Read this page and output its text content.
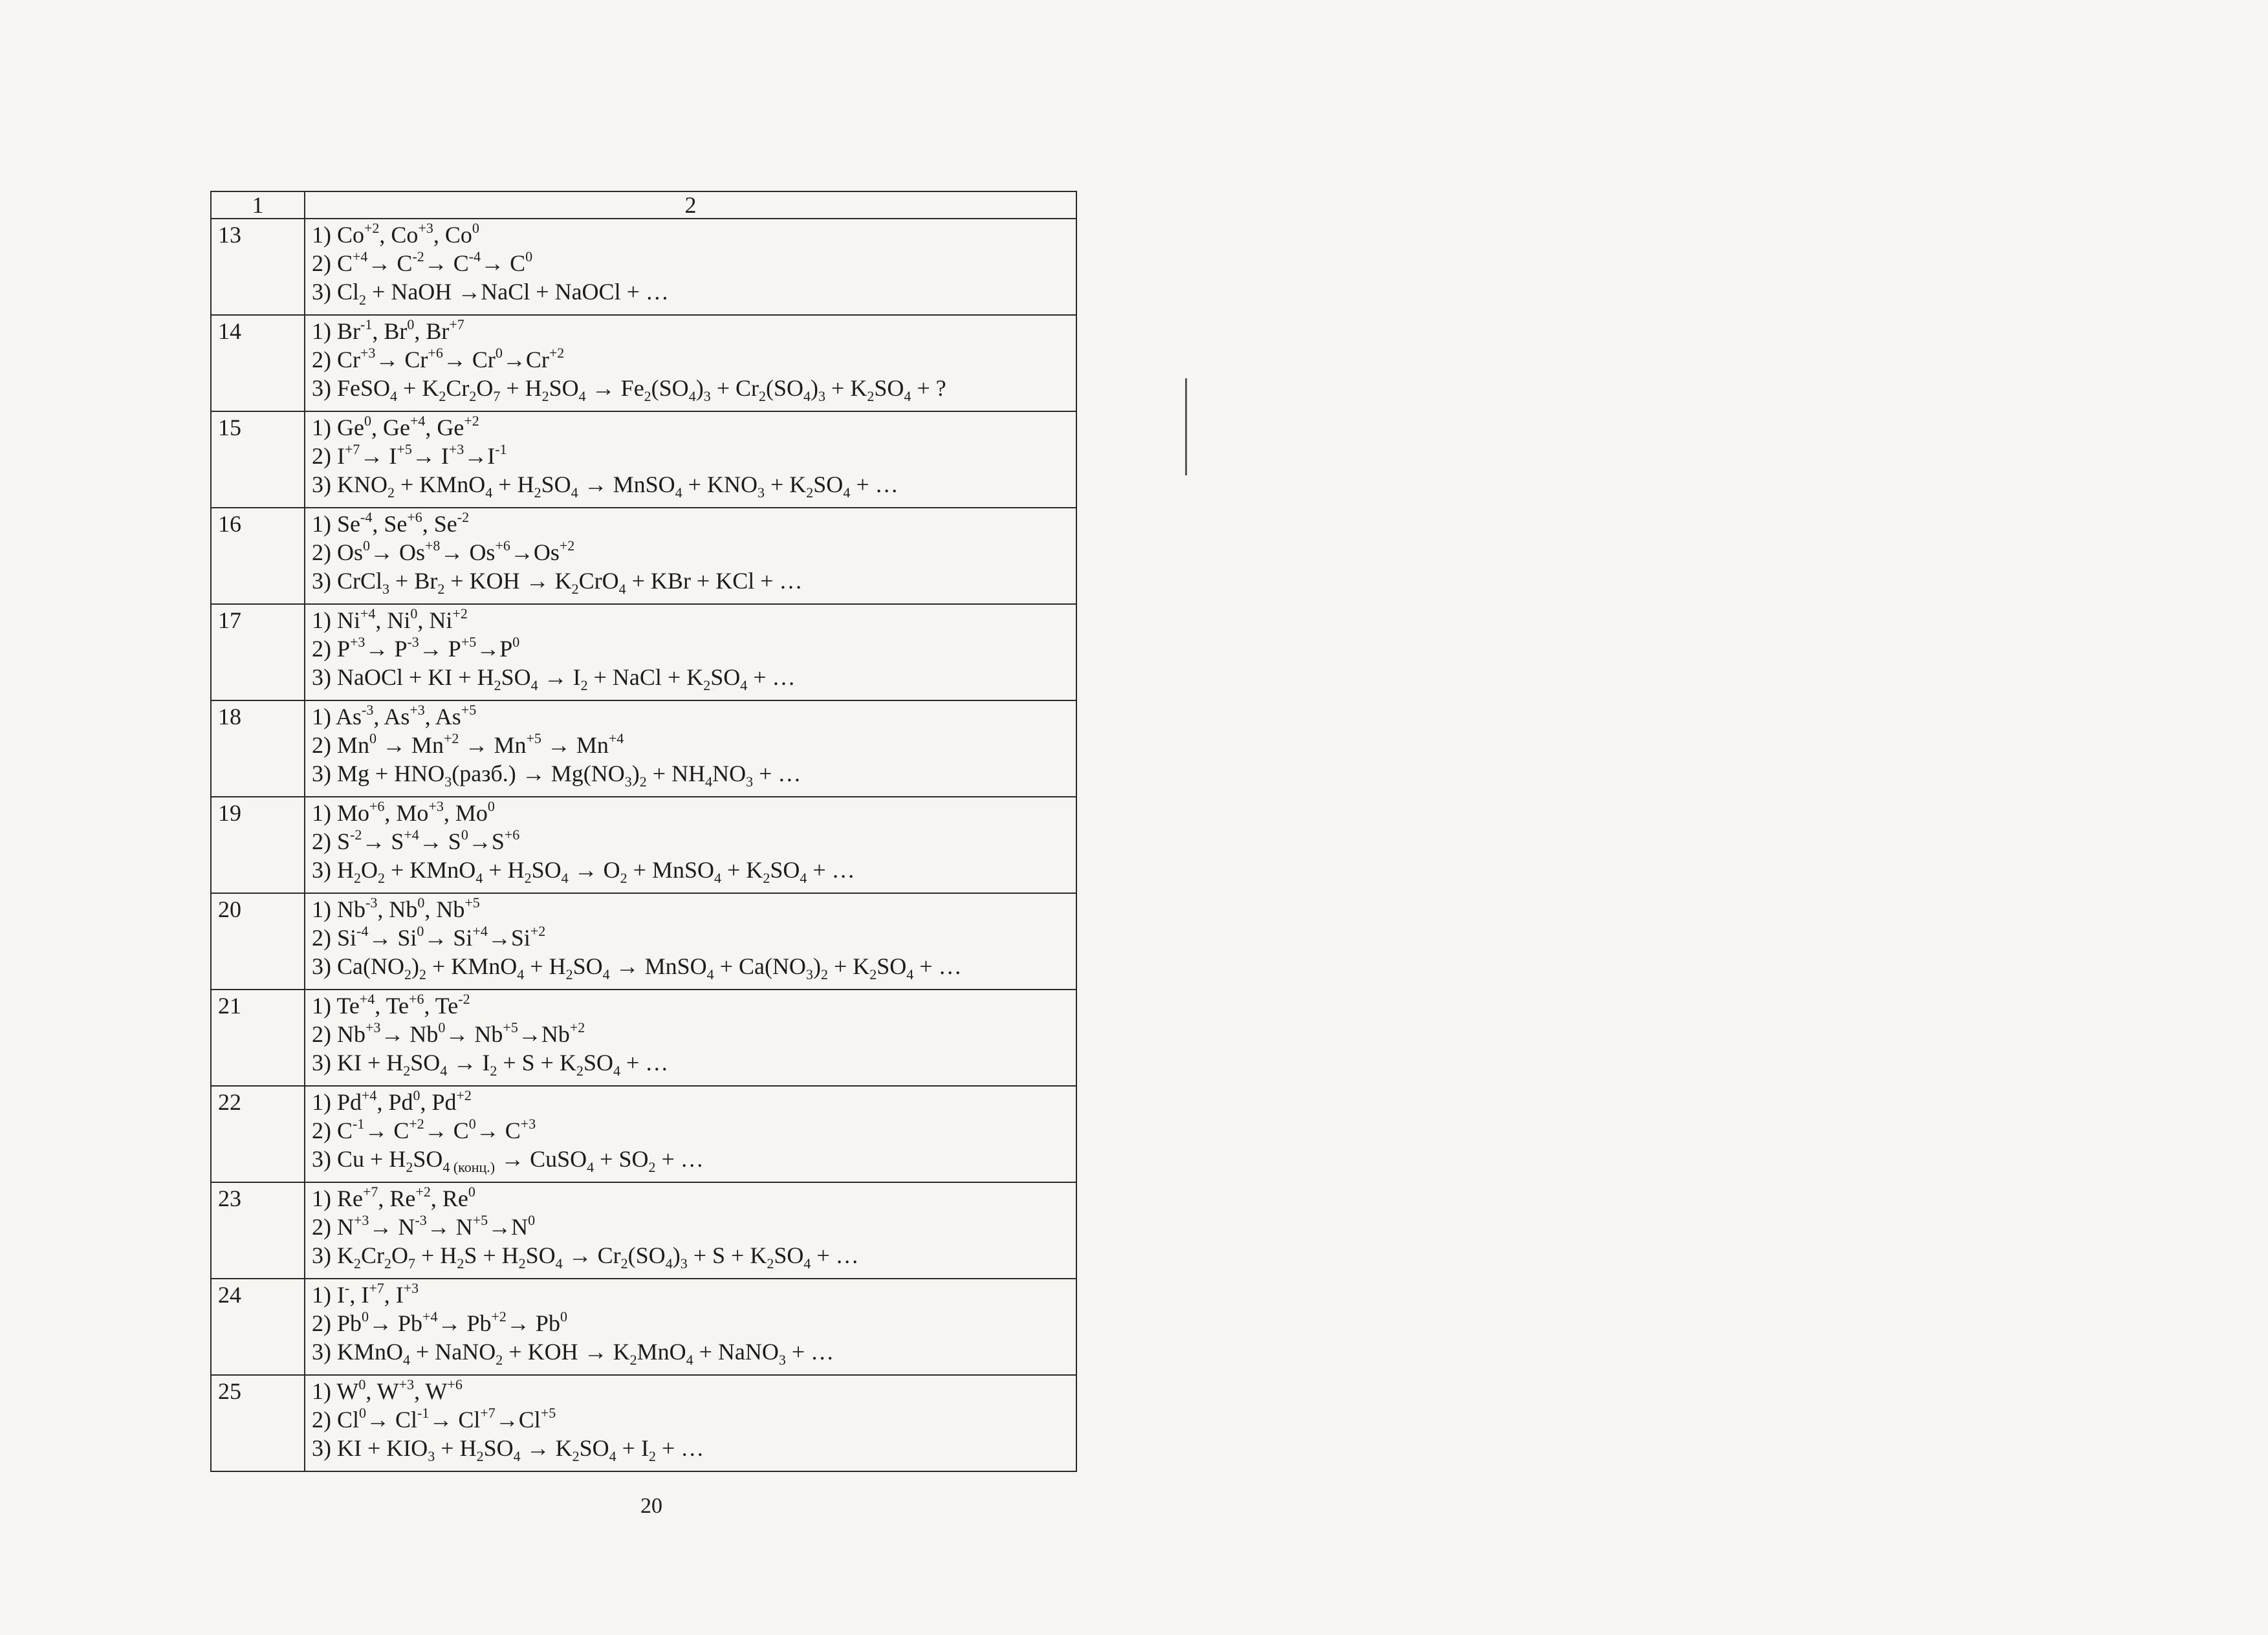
1	2
13	1) $Co^{+2}$, $Co^{+3}$, Co$^0$
2) $C^{+4}\to C^{-2}\to C^{-4}\to C^0$
3) $Cl_2$ + NaOH →NaCl + NaOCl + …

14	1) $Br^{-1}$, Br$^0$, $Br^{+7}$
2) $Cr^{+3}\to Cr^{+6}\to Cr^0\to Cr^{+2}$
3) FeSO$_4$ + $K_2Cr_2O_7 + H_2SO_4 \to Fe_2(SO_4)_3 + Cr_2(SO_4)_3 + K_2SO_4$ + ?

15	1) Ge$^0$, $Ge^{+4}$, $Ge^{+2}$
2) $I^{+7}\to I^{+5}\to I^{+3}\to I^{-1}$
3) $KNO_2$ + KMnO$_4$ + $H_2SO_4$ → MnSO$_4$ + $KNO_3 + K_2SO_4$ + …

16	1) $Se^{-4}$, $Se^{+6}$, $Se^{-2}$
2) $Os^0\to Os^{+8}\to Os^{+6}\to Os^{+2}$
3) CrCl$_3$ + $Br_2$ + KOH → $K_2CrO_4$ + KBr + KCl + …

17	1) $Ni^{+4}$, Ni$^0$, $Ni^{+2}$
2) $P^{+3}\to P^{-3}\to P^{+5}\to P^0$
3) NaOCl + KI + $H_2SO_4 \to I_2$ + NaCl + $K_2SO_4$ + …

18	1) $As^{-3}$, $As^{+3}$, $As^{+5}$
2) $Mn^0 \to Mn^{+2} \to Mn^{+5} \to Mn^{+4}$
3) $Mg + HNO_3(разб.) \to Mg(NO_3)_2 + NH_4NO_3$ + …

19	1) $Mo^{+6}$, $Mo^{+3}$, Mo$^0$
2) $S^{-2}\to S^{+4}\to S^0\to S^{+6}$
3) $H_2O_2$ + KMnO$_4$ + $H_2SO_4 \to O_2$ + MnSO$_4$ + $K_2SO_4$ + …

20	1) $Nb^{-3}$, Nb$^0$, $Nb^{+5}$
2) $Si^{-4}\to Si^0\to Si^{+4}\to Si^{+2}$
3) $Ca(NO_2)_2$ + KMnO$_4$ + $H_2SO_4$ → MnSO$_4$ + $Ca(NO_3)_2 + K_2SO_4$ + …

21	1) $Te^{+4}$, $Te^{+6}$, $Te^{-2}$
2) $Nb^{+3}\to Nb^0\to Nb^{+5}\to Nb^{+2}$
3) KI + $H_2SO_4 \to I_2 + S + K_2SO_4$ + …

22	1) $Pd^{+4}$, Pd$^0$, $Pd^{+2}$
2) $C^{-1}\to C^{+2}\to C^0\to C^{+3}$
3) $Cu + H_2SO_{4 (конц.)}$ → CuSO$_4$ + $SO_2$ + …

23	1) $Re^{+7}$, $Re^{+2}$, Re$^0$
2) $N^{+3}\to N^{-3}\to N^{+5}\to N^0$
3) $K_2Cr_2O_7 + H_2S + H_2SO_4 \to Cr_2(SO_4)_3 + S + K_2SO_4$ + …

24	1) I-, $I^{+7}$, $I^{+3}$
2) $Pb^0\to Pb^{+4}\to Pb^{+2}\to Pb^0$
3) KMnO$_4$ + NaNO$_2$ + KOH → $K_2MnO_4$ + NaNO$_3$ + …

25	1) $W^0$, $W^{+3}$, $W^{+6}$
2) $Cl^0\to Cl^{-1}\to Cl^{+7}\to Cl^{+5}$
3) KI + $KIO_3 + H_2SO_4 \to K_2SO_4 + I_2$ + …
20
